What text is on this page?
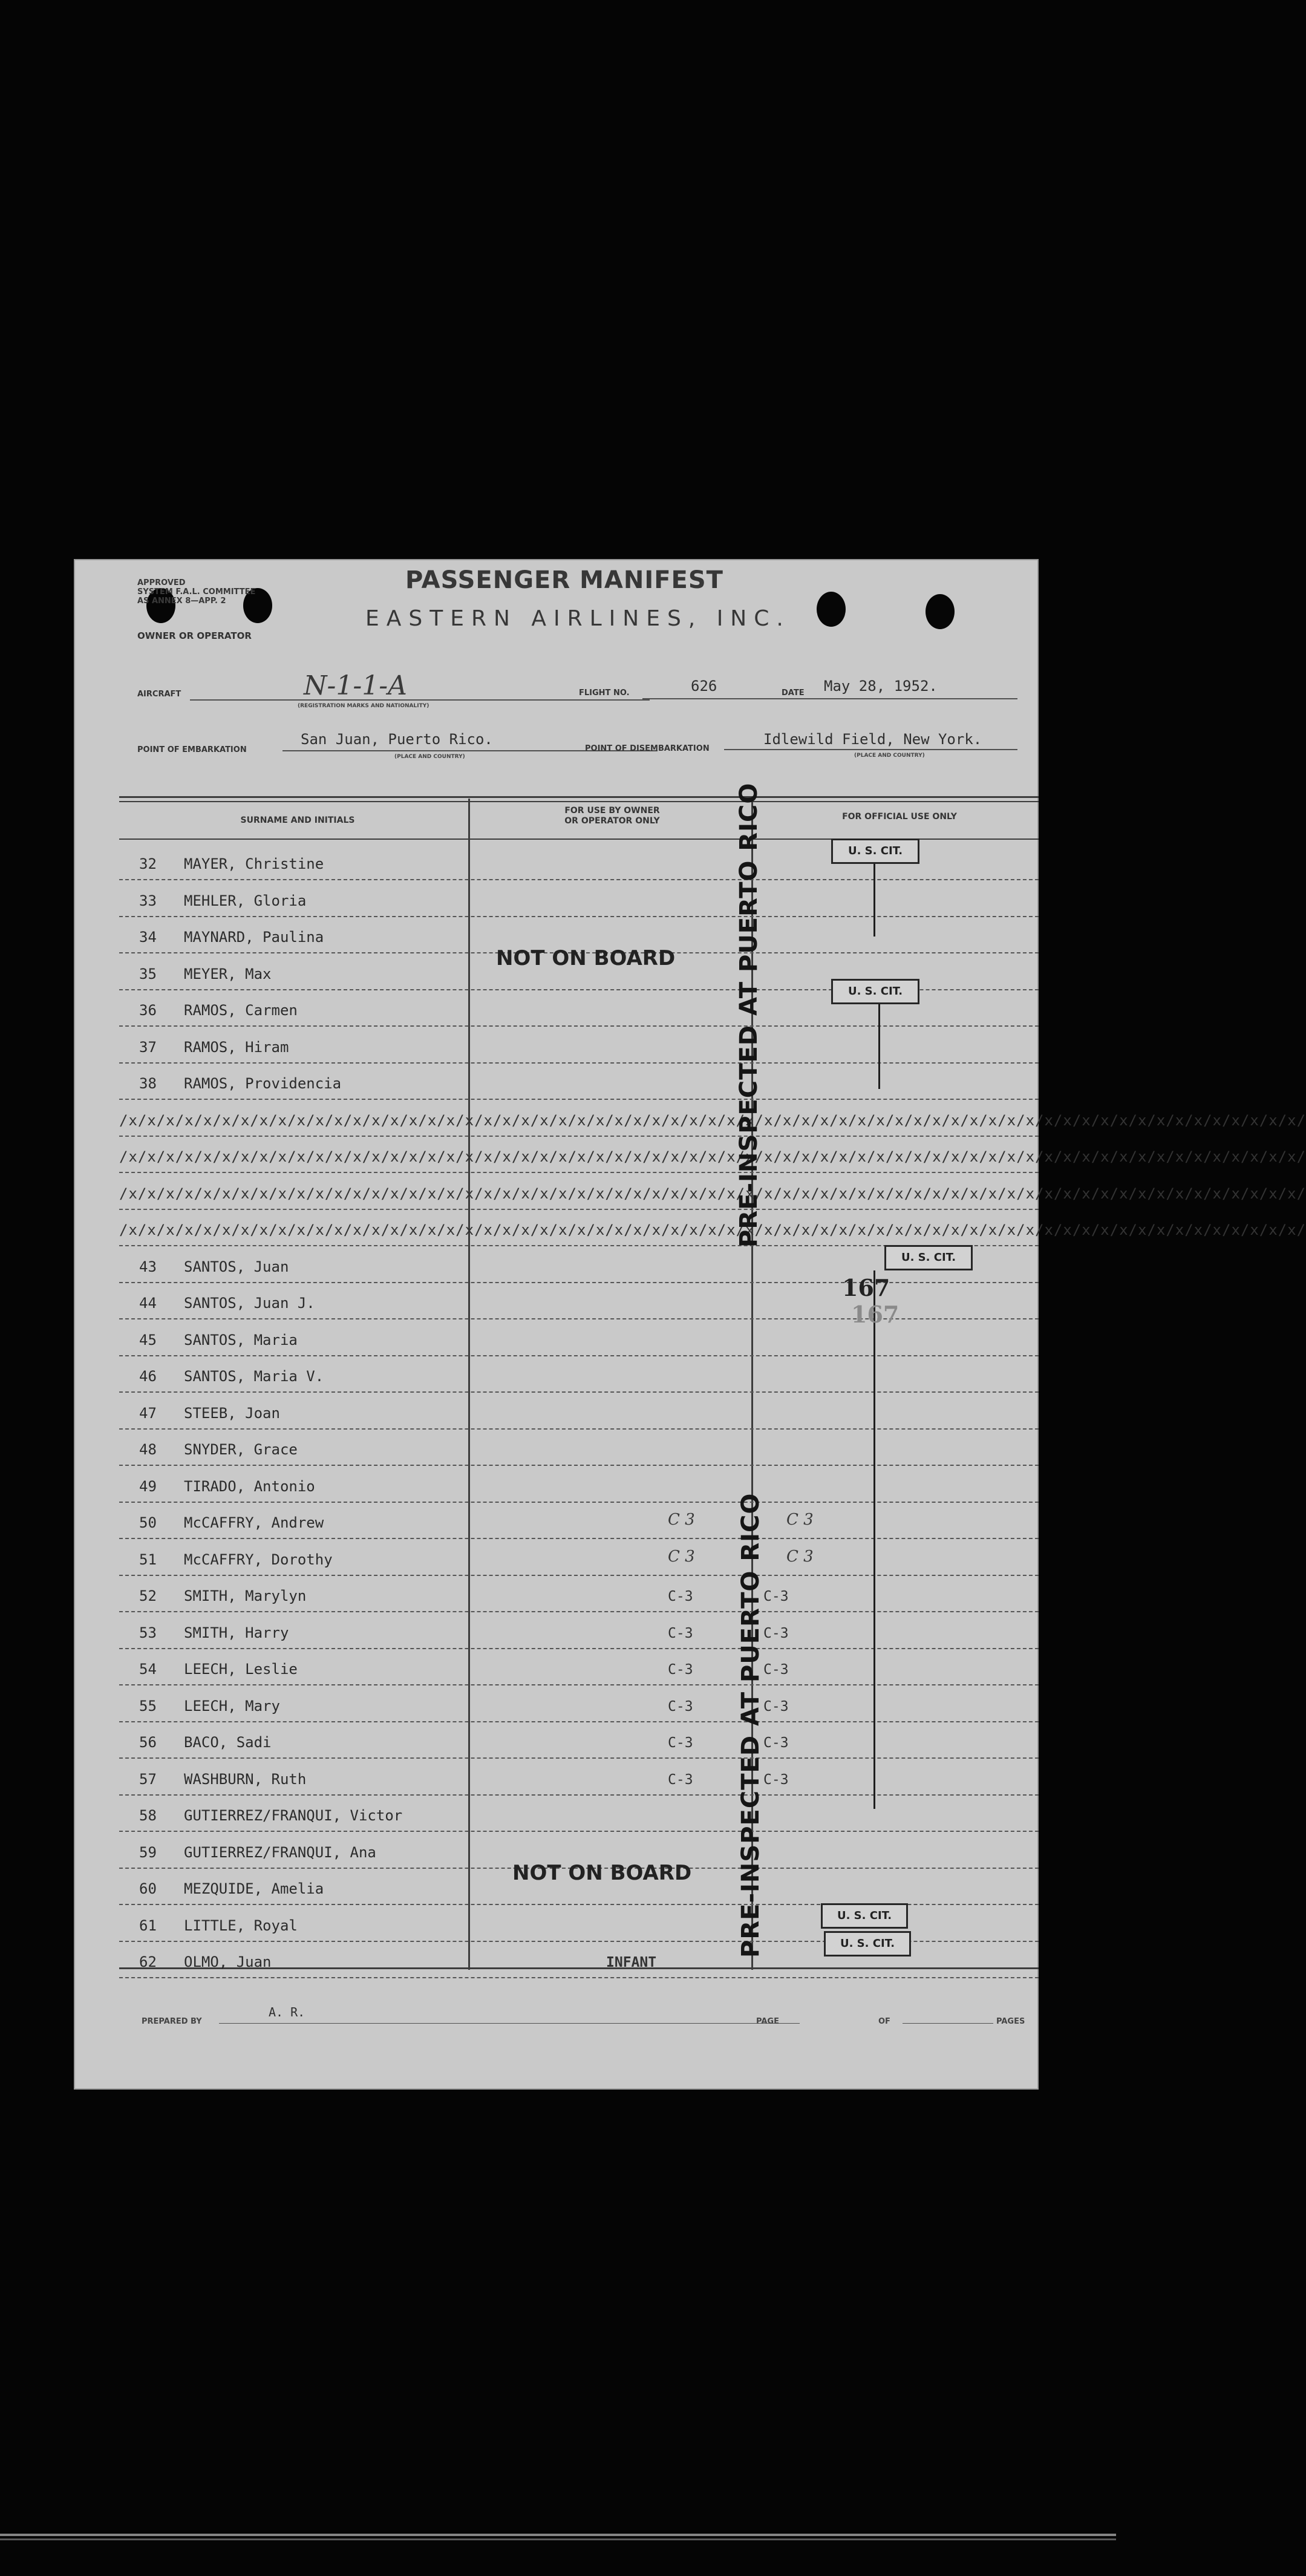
APPROVED
SYSTEM F.A.L. COMMITTEE
AS ANNEX 8—APP. 2
OWNER OR OPERATOR
PASSENGER MANIFEST
EASTERN AIRLINES, INC.
AIRCRAFT	N-1-1-A
(REGISTRATION MARKS AND NATIONALITY)
FLIGHT NO.	626	DATE May 28, 1952.
POINT OF EMBARKATION
San Juan, Puerto Rico.
(PLACE AND COUNTRY)
POINT OF DISEMBARKATION
Idlewild Field, New York.
(PLACE AND COUNTRY)
SURNAME AND INITIALS
FOR USE BY OWNER
OR OPERATOR ONLY	FOR OFFICIAL USE ONLY
32 MAYER, Christine
33 MEHLER, Gloria
34 MAYNARD, Paulina
35 MEYER, Max
36 RAMOS, Carmen
37 RAMOS, Hiram
38 RAMOS, Providencia
/x/x/x/x/x/x/x/x/x/x/x/x/x/x/x/x/x/x/x/x/x/x/x/x/x/x/x/x/x/x/x/x/x/x/x/x/x/x/x/x/x/x/x/x/x/x/x/x/x/x/x/x/x/x/x/x/x/x/x/x/x/x/x/
/x/x/x/x/x/x/x/x/x/x/x/x/x/x/x/x/x/x/x/x/x/x/x/x/x/x/x/x/x/x/x/x/x/x/x/x/x/x/x/x/x/x/x/x/x/x/x/x/x/x/x/x/x/x/x/x/x/x/x/x/x/x/x/
/x/x/x/x/x/x/x/x/x/x/x/x/x/x/x/x/x/x/x/x/x/x/x/x/x/x/x/x/x/x/x/x/x/x/x/x/x/x/x/x/x/x/x/x/x/x/x/x/x/x/x/x/x/x/x/x/x/x/x/x/x/x/x/
/x/x/x/x/x/x/x/x/x/x/x/x/x/x/x/x/x/x/x/x/x/x/x/x/x/x/x/x/x/x/x/x/x/x/x/x/x/x/x/x/x/x/x/x/x/x/x/x/x/x/x/x/x/x/x/x/x/x/x/x/x/x/x/
43 SANTOS, Juan
44 SANTOS, Juan J.
45 SANTOS, Maria
46 SANTOS, Maria V.
47 STEEB, Joan
48 SNYDER, Grace
49 TIRADO, Antonio
50 McCAFFRY, Andrew	C 3	C 3
51 McCAFFRY, Dorothy	C 3	C 3
52 SMITH, Marylyn	C-3	C-3
53 SMITH, Harry	C-3	C-3
54 LEECH, Leslie	C-3	C-3
55 LEECH, Mary	C-3	C-3
56 BACO, Sadi	C-3	C-3
57 WASHBURN, Ruth	C-3	C-3
58 GUTIERREZ/FRANQUI, Victor
59 GUTIERREZ/FRANQUI, Ana
60 MEZQUIDE, Amelia
61 LITTLE, Royal
62 OLMO, Juan	INFANT
U. S. CIT.
U. S. CIT.
U. S. CIT.
U. S. CIT.
U. S. CIT.
NOT ON BOARD
NOT ON BOARD
PRE-INSPECTED AT PUERTO RICO
PRE-INSPECTED AT PUERTO RICO
167
167
PREPARED BY
A. R.
PAGE	OF	PAGES
